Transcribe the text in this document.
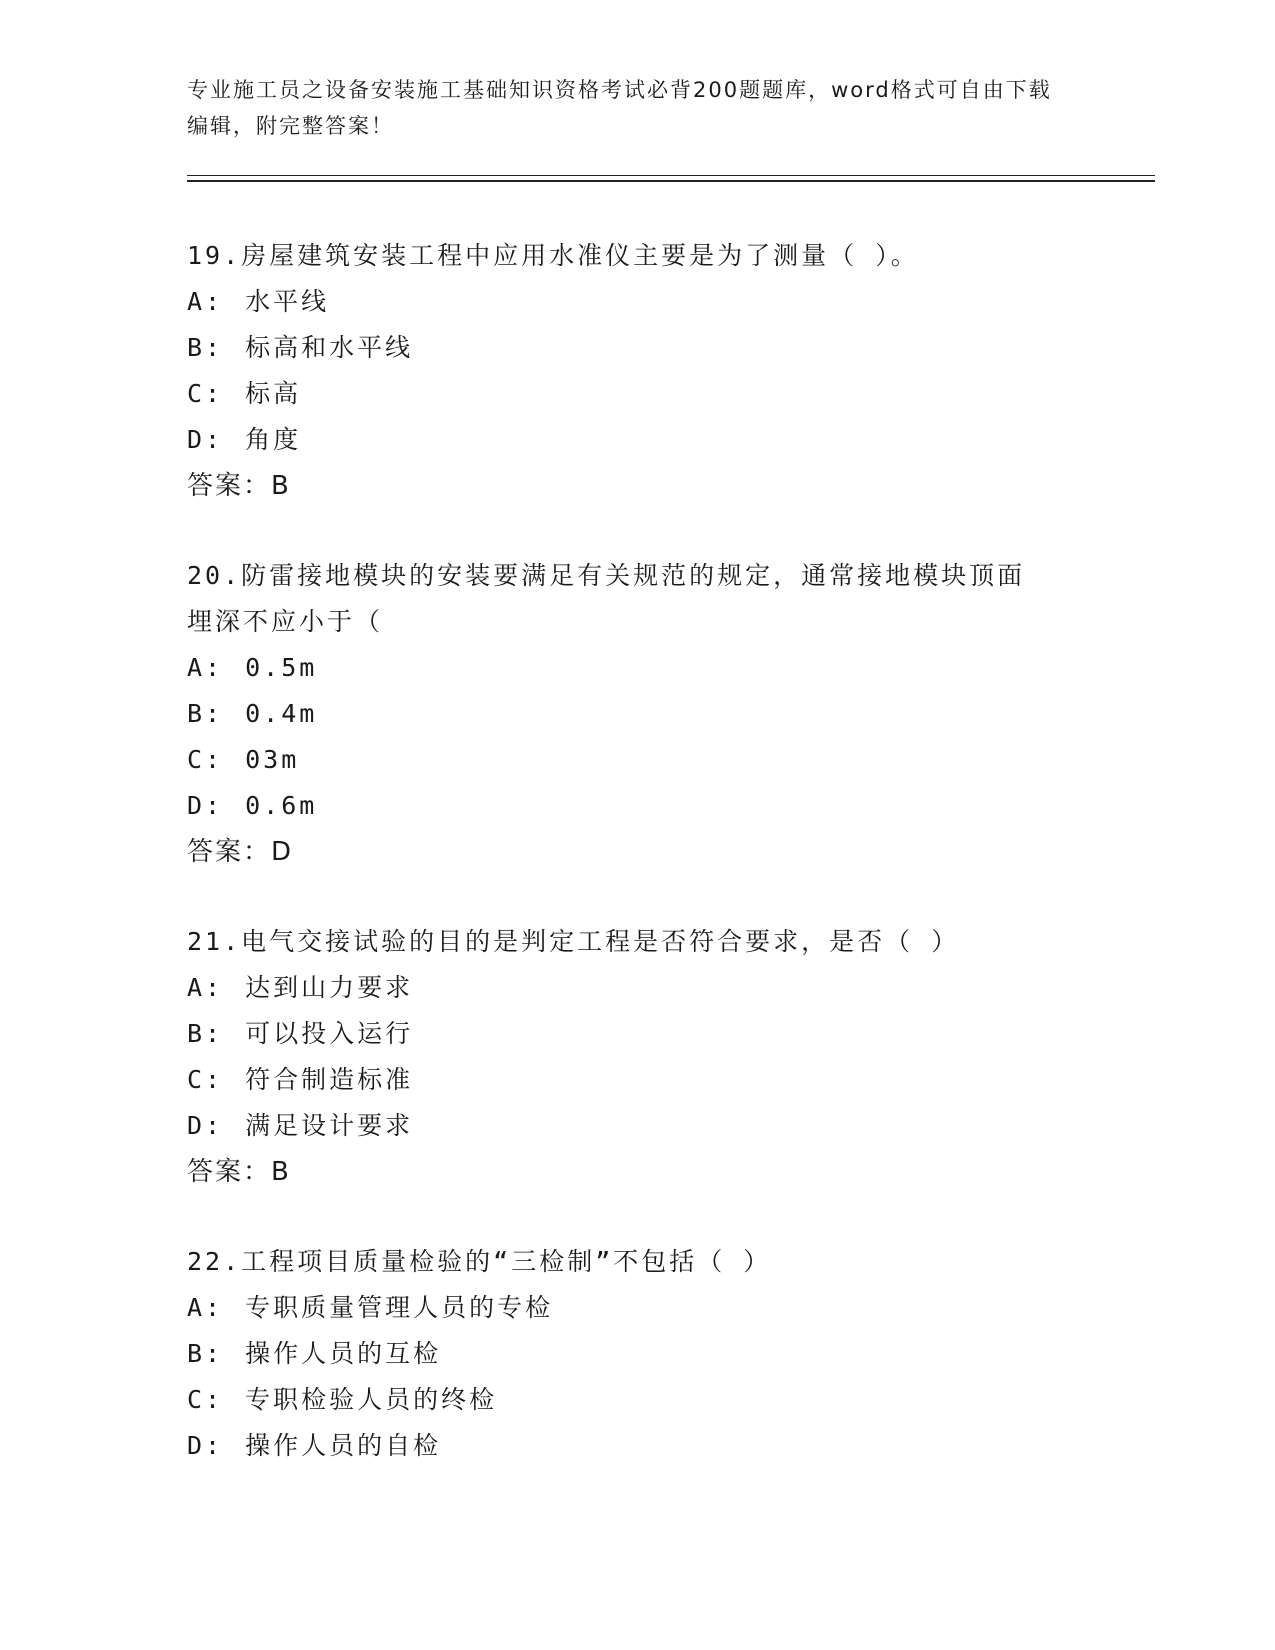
专业施工员之设备安装施工基础知识资格考试必背200题题库，word格式可自由下载编辑，附完整答案！

19.房屋建筑安装工程中应用水准仪主要是为了测量（ ）。

A: 水平线
B: 标高和水平线
C: 标高
D: 角度
答案：B

20.防雷接地模块的安装要满足有关规范的规定，通常接地模块顶面埋深不应小于（

A: 0.5m
B: 0.4m
C: 03m
D: 0.6m
答案：D

21.电气交接试验的目的是判定工程是否符合要求，是否（ ）

A: 达到山力要求
B: 可以投入运行
C: 符合制造标准
D: 满足设计要求
答案：B

22.工程项目质量检验的“三检制”不包括（ ）

A: 专职质量管理人员的专检
B: 操作人员的互检
C: 专职检验人员的终检
D: 操作人员的自检
